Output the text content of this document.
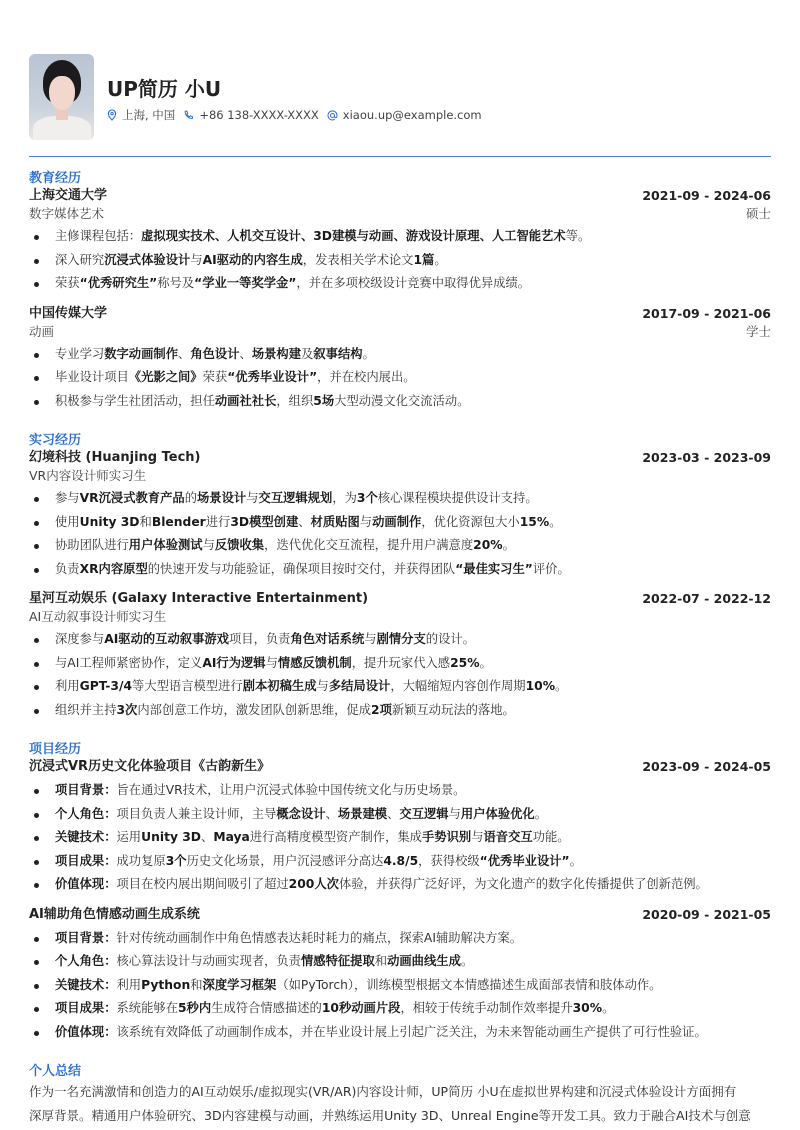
UP简历 小U
上海, 中国 +86 138-XXXX-XXXX xiaou.up@example.com
教育经历
上海交通大学	2021-09 - 2024-06
数字媒体艺术	硕士
主修课程包括：虚拟现实技术、人机交互设计、3D建模与动画、游戏设计原理、人工智能艺术等。
深入研究沉浸式体验设计与AI驱动的内容生成，发表相关学术论文1篇。
荣获“优秀研究生”称号及“学业一等奖学金”，并在多项校级设计竞赛中取得优异成绩。
中国传媒大学	2017-09 - 2021-06
动画	学士
专业学习数字动画制作、角色设计、场景构建及叙事结构。
毕业设计项目《光影之间》荣获“优秀毕业设计”，并在校内展出。
积极参与学生社团活动，担任动画社社长，组织5场大型动漫文化交流活动。
实习经历
幻境科技 (Huanjing Tech)	2023-03 - 2023-09
VR内容设计师实习生
参与VR沉浸式教育产品的场景设计与交互逻辑规划，为3个核心课程模块提供设计支持。
使用Unity 3D和Blender进行3D模型创建、材质贴图与动画制作，优化资源包大小15%。
协助团队进行用户体验测试与反馈收集，迭代优化交互流程，提升用户满意度20%。
负责XR内容原型的快速开发与功能验证，确保项目按时交付，并获得团队“最佳实习生”评价。
星河互动娱乐 (Galaxy Interactive Entertainment)	2022-07 - 2022-12
AI互动叙事设计师实习生
深度参与AI驱动的互动叙事游戏项目，负责角色对话系统与剧情分支的设计。
与AI工程师紧密协作，定义AI行为逻辑与情感反馈机制，提升玩家代入感25%。
利用GPT-3/4等大型语言模型进行剧本初稿生成与多结局设计，大幅缩短内容创作周期10%。
组织并主持3次内部创意工作坊，激发团队创新思维，促成2项新颖互动玩法的落地。
项目经历
沉浸式VR历史文化体验项目《古韵新生》	2023-09 - 2024-05
项目背景：旨在通过VR技术，让用户沉浸式体验中国传统文化与历史场景。
个人角色：项目负责人兼主设计师，主导概念设计、场景建模、交互逻辑与用户体验优化。
关键技术：运用Unity 3D、Maya进行高精度模型资产制作，集成手势识别与语音交互功能。
项目成果：成功复原3个历史文化场景，用户沉浸感评分高达4.8/5，获得校级“优秀毕业设计”。
价值体现：项目在校内展出期间吸引了超过200人次体验，并获得广泛好评，为文化遗产的数字化传播提供了创新范例。
AI辅助角色情感动画生成系统	2020-09 - 2021-05
项目背景：针对传统动画制作中角色情感表达耗时耗力的痛点，探索AI辅助解决方案。
个人角色：核心算法设计与动画实现者，负责情感特征提取和动画曲线生成。
关键技术：利用Python和深度学习框架（如PyTorch），训练模型根据文本情感描述生成面部表情和肢体动作。
项目成果：系统能够在5秒内生成符合情感描述的10秒动画片段，相较于传统手动制作效率提升30%。
价值体现：该系统有效降低了动画制作成本，并在毕业设计展上引起广泛关注，为未来智能动画生产提供了可行性验证。
个人总结
作为一名充满激情和创造力的AI互动娱乐/虚拟现实(VR/AR)内容设计师，UP简历 小U在虚拟世界构建和沉浸式体验设计方面拥有
深厚背景。精通用户体验研究、3D内容建模与动画，并熟练运用Unity 3D、Unreal Engine等开发工具。致力于融合AI技术与创意
